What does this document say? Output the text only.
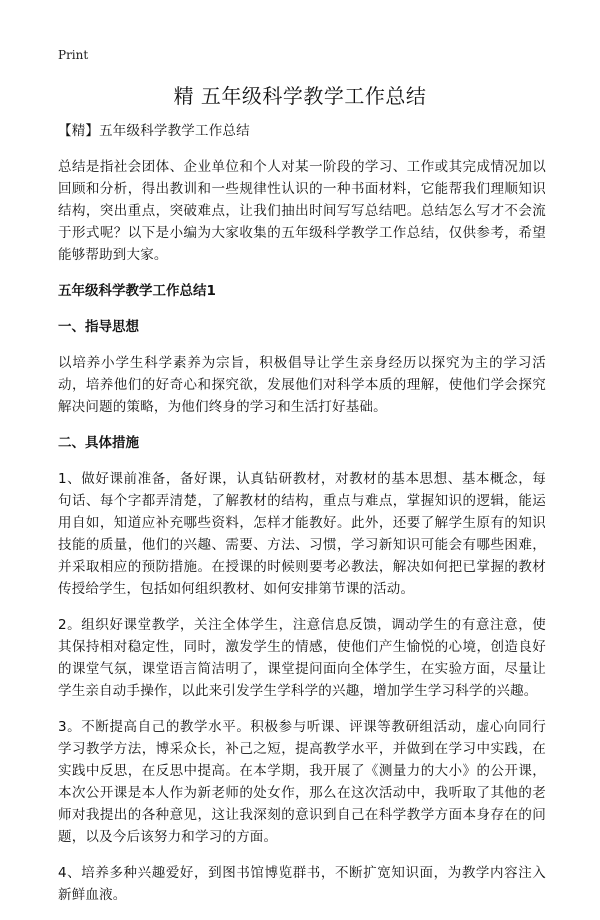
Print
精 五年级科学教学工作总结

【精】五年级科学教学工作总结

总结是指社会团体、企业单位和个人对某一阶段的学习、工作或其完成情况加以回顾和分析，得出教训和一些规律性认识的一种书面材料，它能帮我们理顺知识结构，突出重点，突破难点，让我们抽出时间写写总结吧。总结怎么写才不会流于形式呢？以下是小编为大家收集的五年级科学教学工作总结，仅供参考，希望能够帮助到大家。

五年级科学教学工作总结1

一、指导思想

以培养小学生科学素养为宗旨，积极倡导让学生亲身经历以探究为主的学习活动，培养他们的好奇心和探究欲，发展他们对科学本质的理解，使他们学会探究解决问题的策略，为他们终身的学习和生活打好基础。

二、具体措施

1、做好课前准备，备好课，认真钻研教材，对教材的基本思想、基本概念，每句话、每个字都弄清楚，了解教材的结构，重点与难点，掌握知识的逻辑，能运用自如，知道应补充哪些资料，怎样才能教好。此外，还要了解学生原有的知识技能的质量，他们的兴趣、需要、方法、习惯，学习新知识可能会有哪些困难，并采取相应的预防措施。在授课的时候则要考必教法，解决如何把已掌握的教材传授给学生，包括如何组织教材、如何安排第节课的活动。

2。组织好课堂教学，关注全体学生，注意信息反馈，调动学生的有意注意，使其保持相对稳定性，同时，激发学生的情感，使他们产生愉悦的心境，创造良好的课堂气氛，课堂语言简洁明了，课堂提问面向全体学生，在实验方面，尽量让学生亲自动手操作，以此来引发学生学科学的兴趣，增加学生学习科学的兴趣。

3。不断提高自己的教学水平。积极参与听课、评课等教研组活动，虚心向同行学习教学方法，博采众长，补己之短，提高教学水平，并做到在学习中实践，在实践中反思，在反思中提高。在本学期，我开展了《测量力的大小》的公开课，本次公开课是本人作为新老师的处女作，那么在这次活动中，我听取了其他的老师对我提出的各种意见，这让我深刻的意识到自己在科学教学方面本身存在的问题，以及今后该努力和学习的方面。

4、培养多种兴趣爱好，到图书馆博览群书，不断扩宽知识面，为教学内容注入新鲜血液。
